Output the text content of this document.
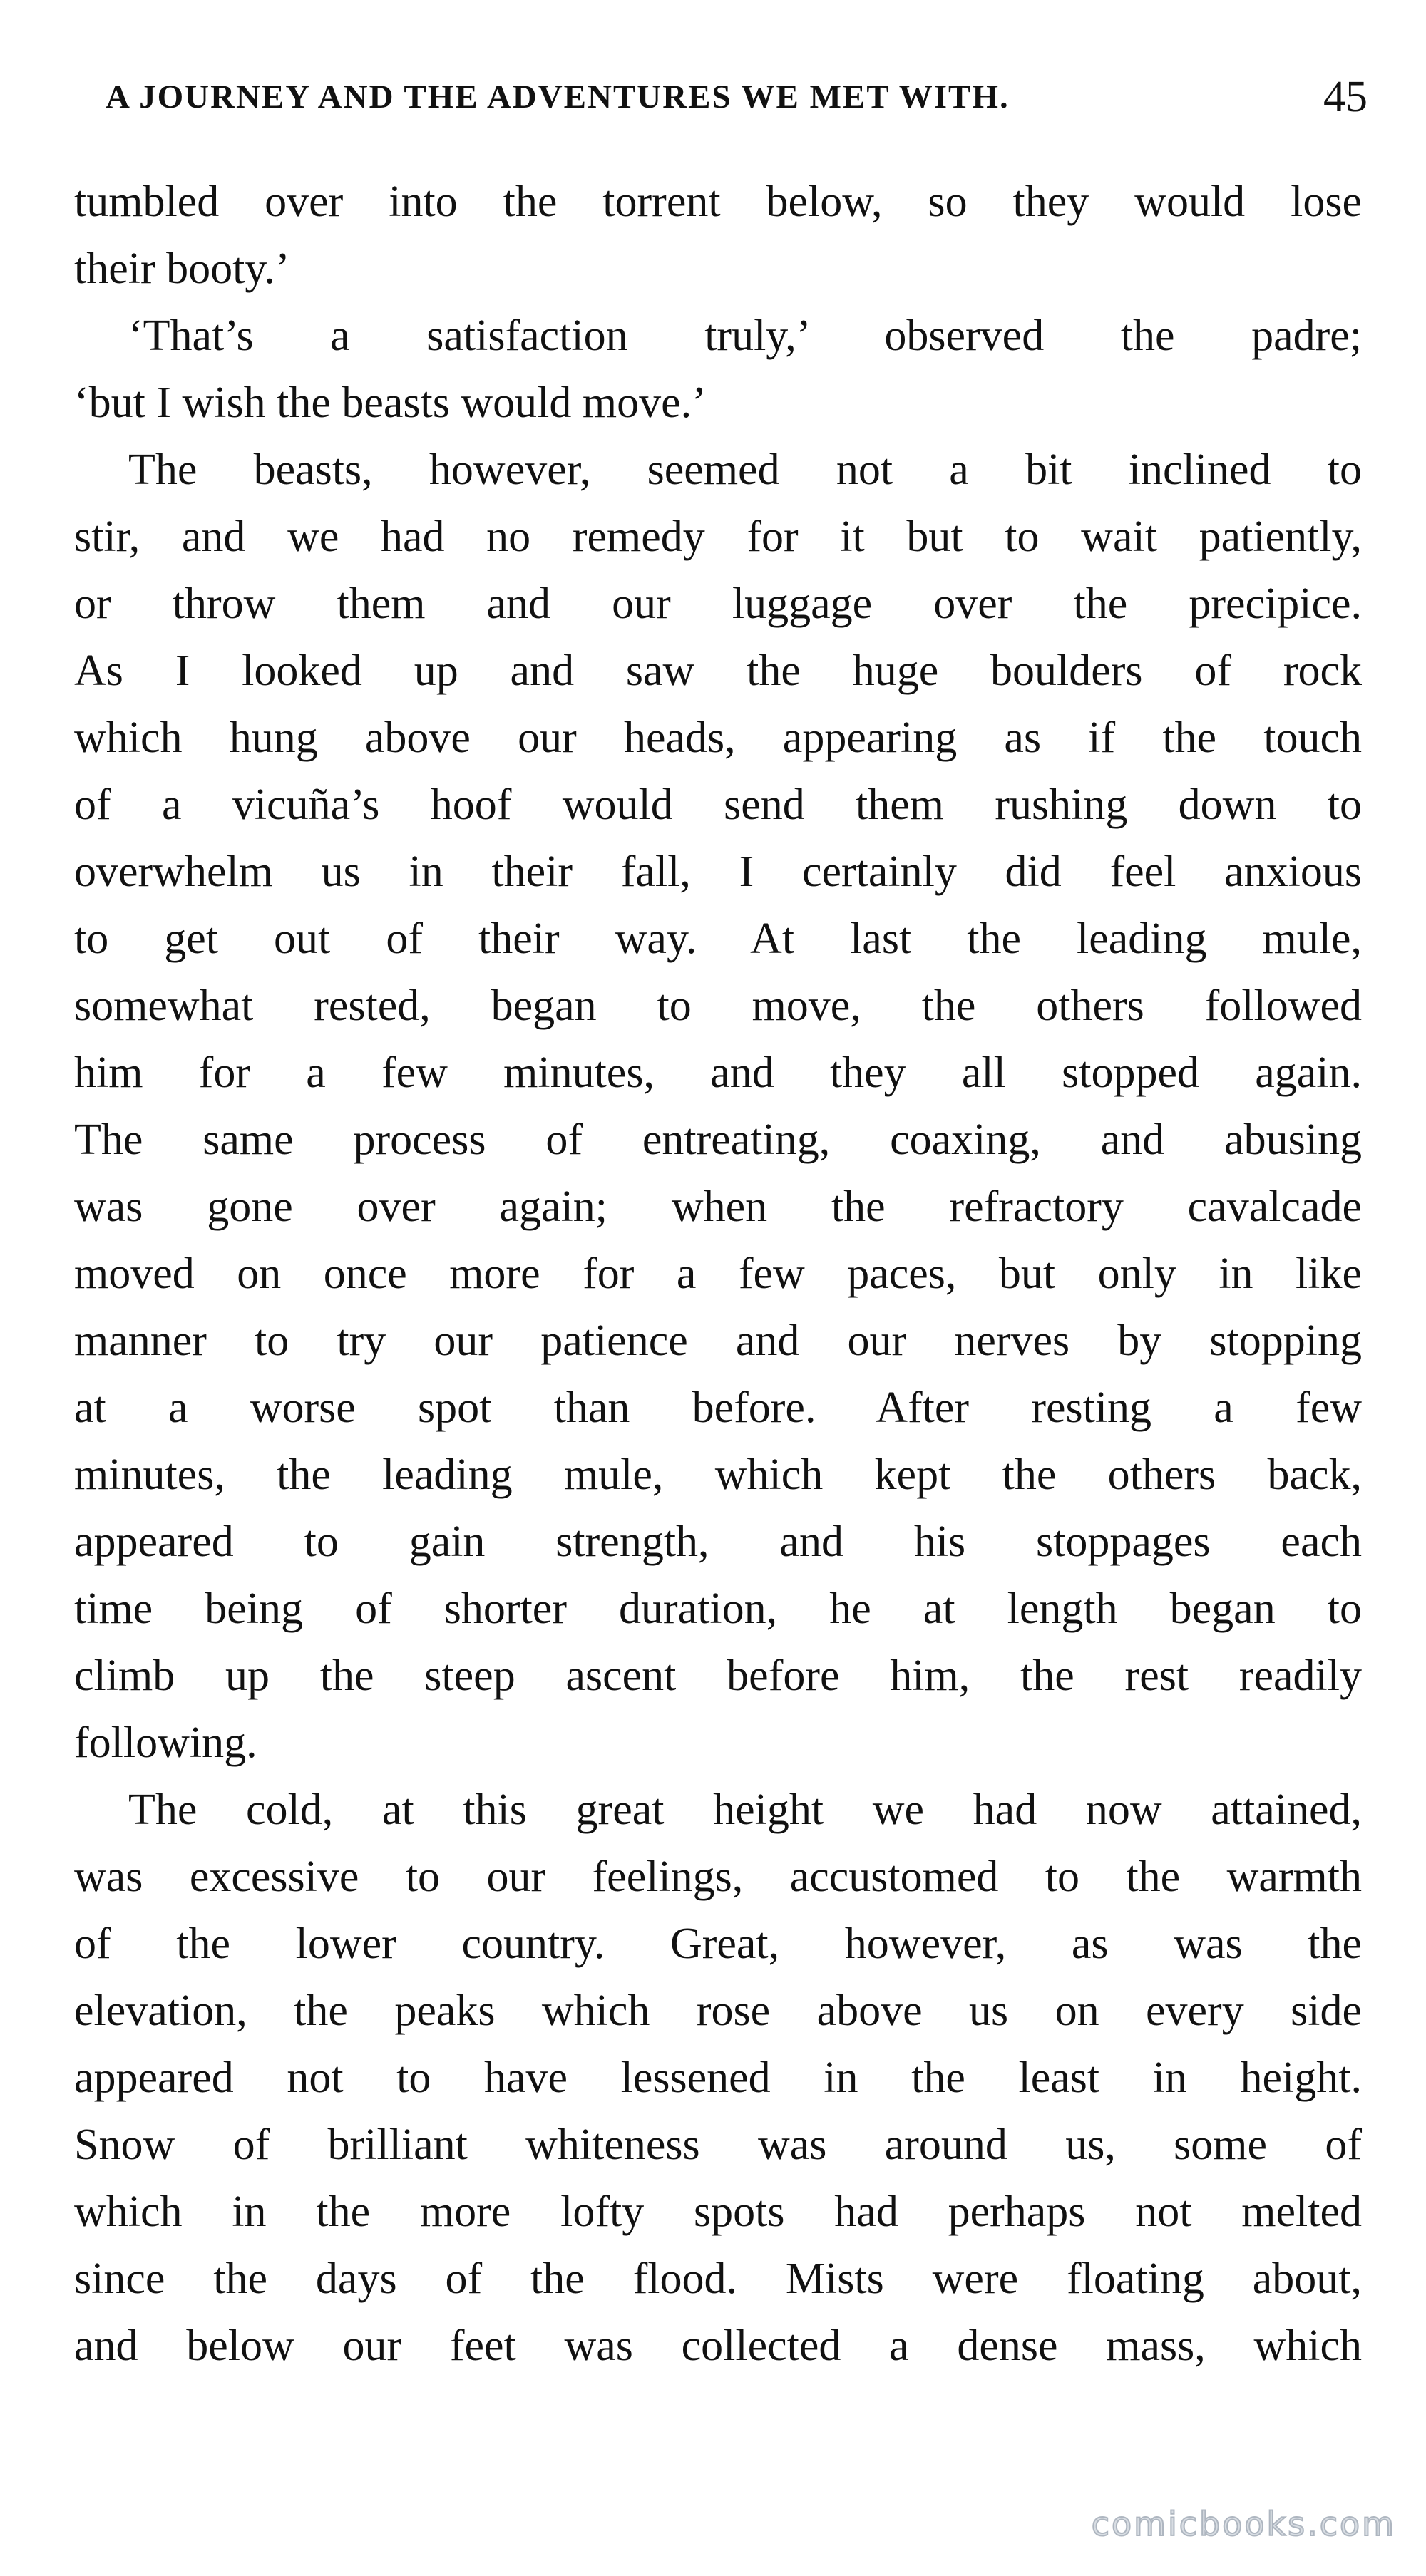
A JOURNEY AND THE ADVENTURES WE MET WITH.	45
tumbled over into the torrent below, so they would lose
their booty.’
‘That’s a satisfaction truly,’ observed the padre;
‘but I wish the beasts would move.’
The beasts, however, seemed not a bit inclined to
stir, and we had no remedy for it but to wait patiently,
or throw them and our luggage over the precipice.
As I looked up and saw the huge boulders of rock
which hung above our heads, appearing as if the touch
of a vicuña’s hoof would send them rushing down to
overwhelm us in their fall, I certainly did feel anxious
to get out of their way. At last the leading mule,
somewhat rested, began to move, the others followed
him for a few minutes, and they all stopped again.
The same process of entreating, coaxing, and abusing
was gone over again; when the refractory cavalcade
moved on once more for a few paces, but only in like
manner to try our patience and our nerves by stopping
at a worse spot than before. After resting a few
minutes, the leading mule, which kept the others back,
appeared to gain strength, and his stoppages each
time being of shorter duration, he at length began to
climb up the steep ascent before him, the rest readily
following.
The cold, at this great height we had now attained,
was excessive to our feelings, accustomed to the warmth
of the lower country. Great, however, as was the
elevation, the peaks which rose above us on every side
appeared not to have lessened in the least in height.
Snow of brilliant whiteness was around us, some of
which in the more lofty spots had perhaps not melted
since the days of the flood. Mists were floating about,
and below our feet was collected a dense mass, which
comicbooks.com
